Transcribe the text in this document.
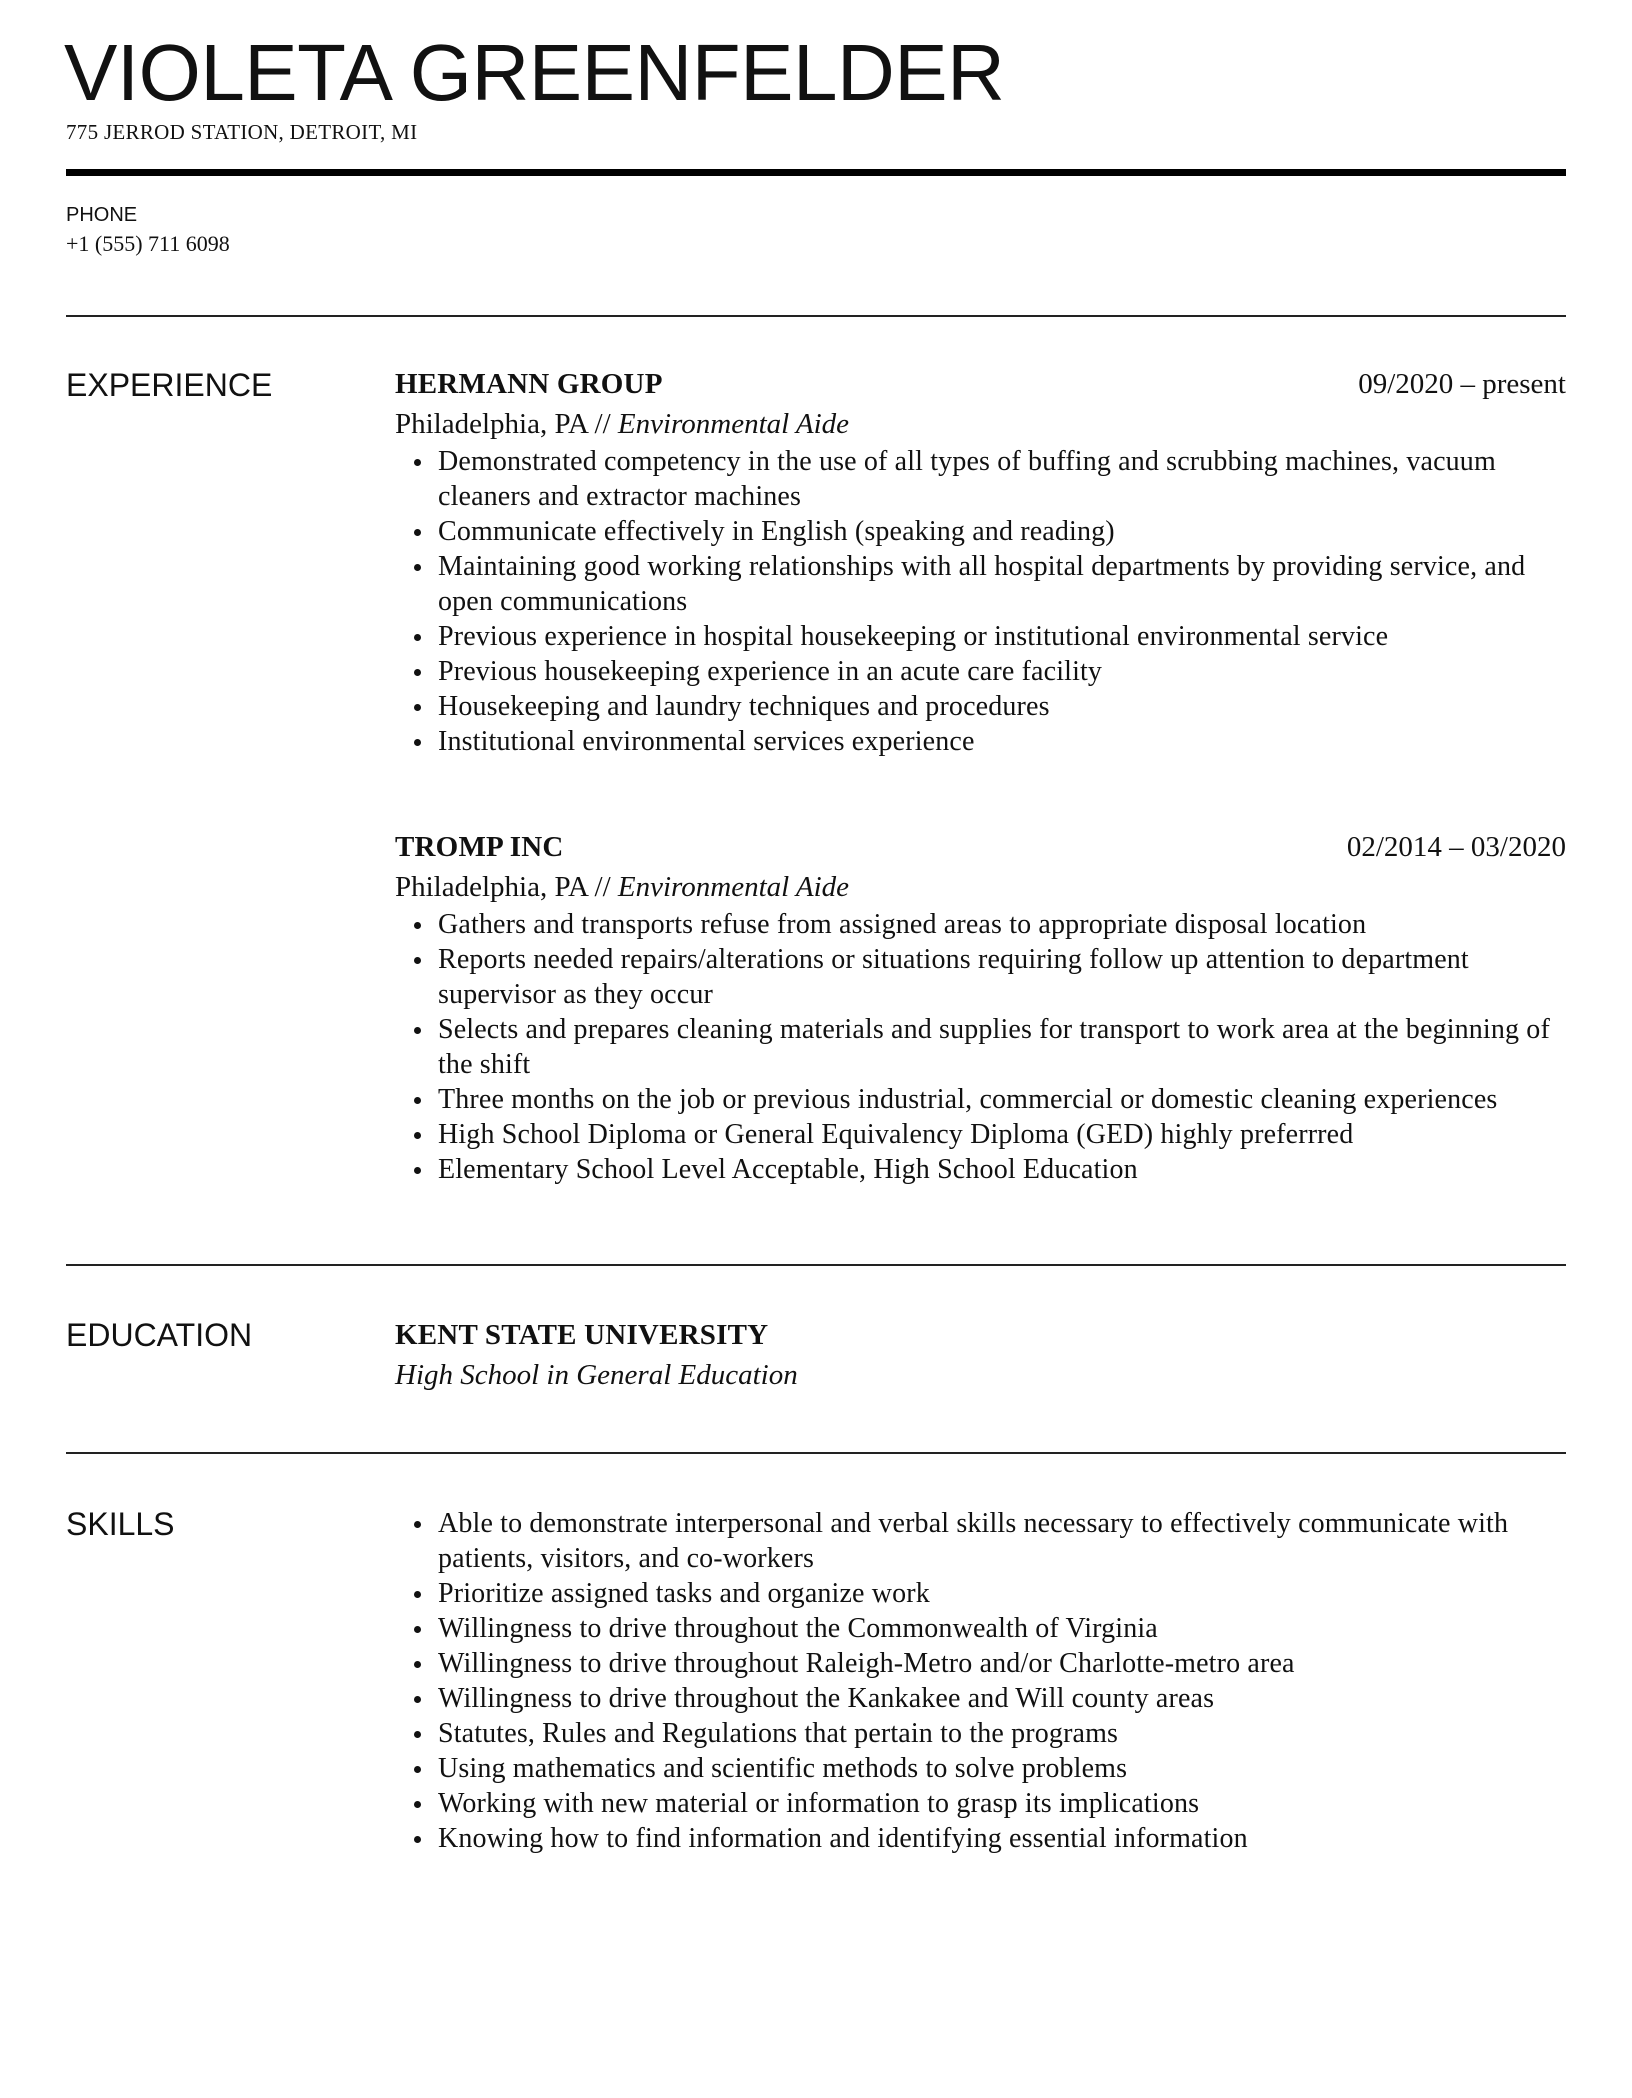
VIOLETA GREENFELDER
775 JERROD STATION, DETROIT, MI
PHONE
+1 (555) 711 6098
EXPERIENCE	HERMANN GROUP	09/2020 – present
Philadelphia, PA // Environmental Aide
Demonstrated competency in the use of all types of buffing and scrubbing machines, vacuum cleaners and extractor machines
Communicate effectively in English (speaking and reading)
Maintaining good working relationships with all hospital departments by providing service, and open communications
Previous experience in hospital housekeeping or institutional environmental service
Previous housekeeping experience in an acute care facility
Housekeeping and laundry techniques and procedures
Institutional environmental services experience
TROMP INC	02/2014 – 03/2020
Philadelphia, PA // Environmental Aide
Gathers and transports refuse from assigned areas to appropriate disposal location
Reports needed repairs/alterations or situations requiring follow up attention to department supervisor as they occur
Selects and prepares cleaning materials and supplies for transport to work area at the beginning of the shift
Three months on the job or previous industrial, commercial or domestic cleaning experiences
High School Diploma or General Equivalency Diploma (GED) highly preferrred
Elementary School Level Acceptable, High School Education
EDUCATION	KENT STATE UNIVERSITY
High School in General Education
SKILLS	Able to demonstrate interpersonal and verbal skills necessary to effectively communicate with patients, visitors, and co-workers
Prioritize assigned tasks and organize work
Willingness to drive throughout the Commonwealth of Virginia
Willingness to drive throughout Raleigh-Metro and/or Charlotte-metro area
Willingness to drive throughout the Kankakee and Will county areas
Statutes, Rules and Regulations that pertain to the programs
Using mathematics and scientific methods to solve problems
Working with new material or information to grasp its implications
Knowing how to find information and identifying essential information
